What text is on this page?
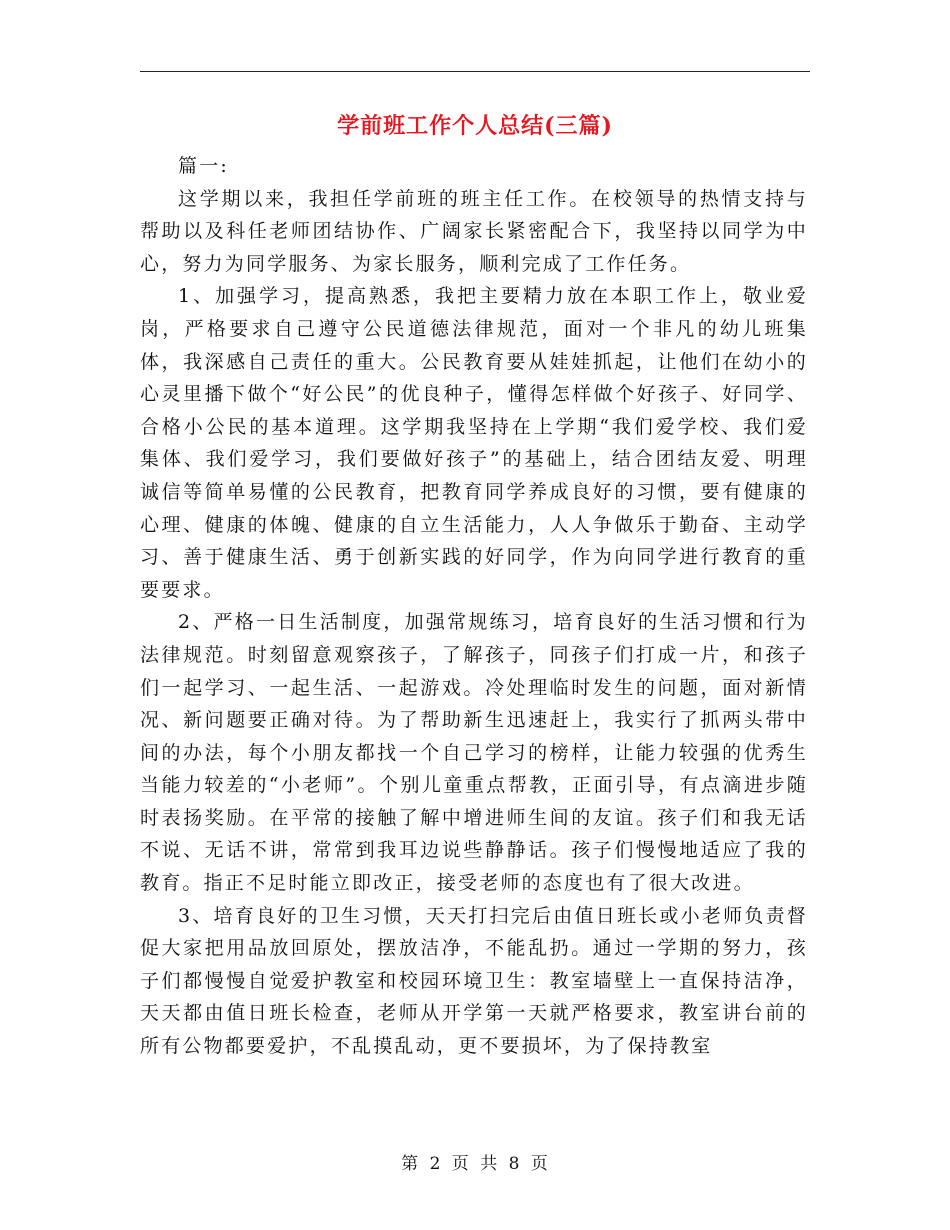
学前班工作个人总结(三篇)

篇一:

这学期以来，我担任学前班的班主任工作。在校领导的热情支持与帮助以及科任老师团结协作、广阔家长紧密配合下，我坚持以同学为中心，努力为同学服务、为家长服务，顺利完成了工作任务。

1、加强学习，提高熟悉，我把主要精力放在本职工作上，敬业爱岗，严格要求自己遵守公民道德法律规范，面对一个非凡的幼儿班集体，我深感自己责任的重大。公民教育要从娃娃抓起，让他们在幼小的心灵里播下做个“好公民”的优良种子，懂得怎样做个好孩子、好同学、合格小公民的基本道理。这学期我坚持在上学期“我们爱学校、我们爱集体、我们爱学习，我们要做好孩子”的基础上，结合团结友爱、明理诚信等简单易懂的公民教育，把教育同学养成良好的习惯，要有健康的心理、健康的体魄、健康的自立生活能力，人人争做乐于勤奋、主动学习、善于健康生活、勇于创新实践的好同学，作为向同学进行教育的重要要求。

2、严格一日生活制度，加强常规练习，培育良好的生活习惯和行为法律规范。时刻留意观察孩子，了解孩子，同孩子们打成一片，和孩子们一起学习、一起生活、一起游戏。冷处理临时发生的问题，面对新情况、新问题要正确对待。为了帮助新生迅速赶上，我实行了抓两头带中间的办法，每个小朋友都找一个自己学习的榜样，让能力较强的优秀生当能力较差的“小老师”。个别儿童重点帮教，正面引导，有点滴进步随时表扬奖励。在平常的接触了解中增进师生间的友谊。孩子们和我无话不说、无话不讲，常常到我耳边说些静静话。孩子们慢慢地适应了我的教育。指正不足时能立即改正，接受老师的态度也有了很大改进。

3、培育良好的卫生习惯，天天打扫完后由值日班长或小老师负责督促大家把用品放回原处，摆放洁净，不能乱扔。通过一学期的努力，孩子们都慢慢自觉爱护教室和校园环境卫生：教室墙壁上一直保持洁净，天天都由值日班长检查，老师从开学第一天就严格要求，教室讲台前的所有公物都要爱护，不乱摸乱动，更不要损坏，为了保持教室

第 2 页 共 8 页
